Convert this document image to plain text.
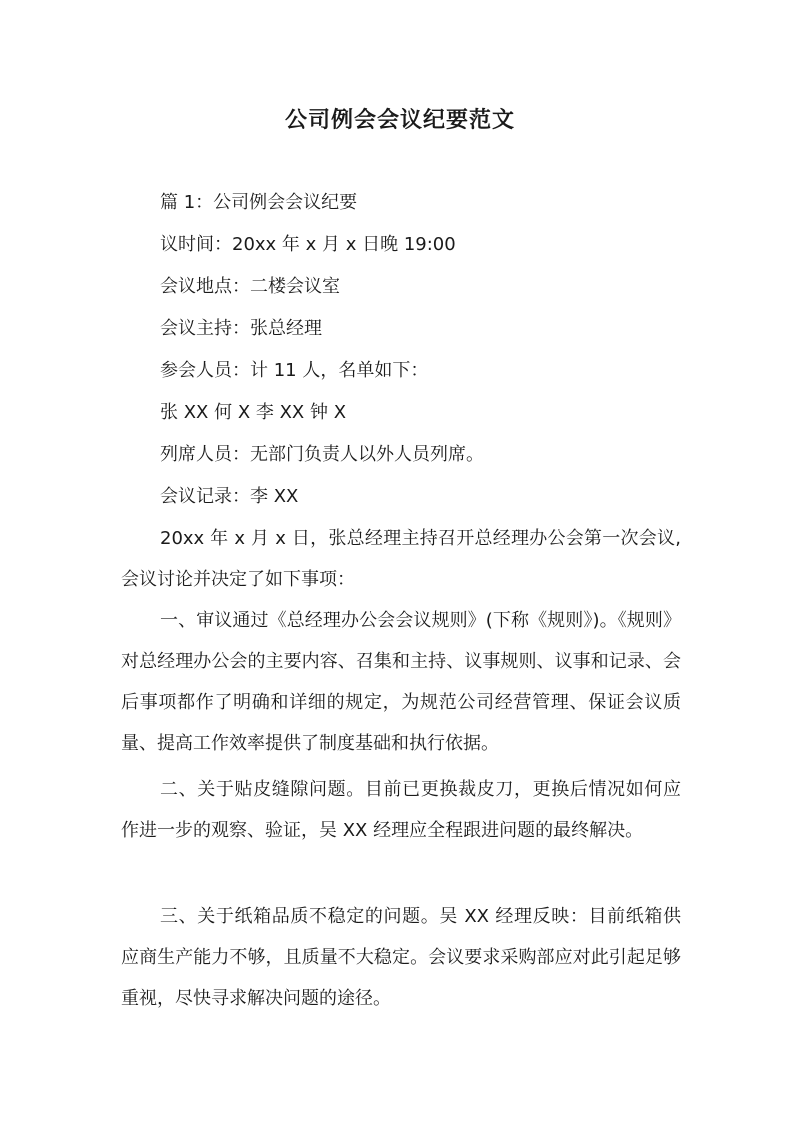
公司例会会议纪要范文

篇 1：公司例会会议纪要

议时间：20xx 年 x 月 x 日晚 19:00

会议地点：二楼会议室

会议主持：张总经理

参会人员：计 11 人，名单如下：

张 XX 何 X 李 XX 钟 X

列席人员：无部门负责人以外人员列席。

会议记录：李 XX

20xx 年 x 月 x 日，张总经理主持召开总经理办公会第一次会议,会议讨论并决定了如下事项：

一、审议通过《总经理办公会会议规则》(下称《规则》)。《规则》对总经理办公会的主要内容、召集和主持、议事规则、议事和记录、会后事项都作了明确和详细的规定，为规范公司经营管理、保证会议质量、提高工作效率提供了制度基础和执行依据。

二、关于贴皮缝隙问题。目前已更换裁皮刀，更换后情况如何应作进一步的观察、验证，吴 XX 经理应全程跟进问题的最终解决。

三、关于纸箱品质不稳定的问题。吴 XX 经理反映：目前纸箱供应商生产能力不够，且质量不大稳定。会议要求采购部应对此引起足够重视，尽快寻求解决问题的途径。
